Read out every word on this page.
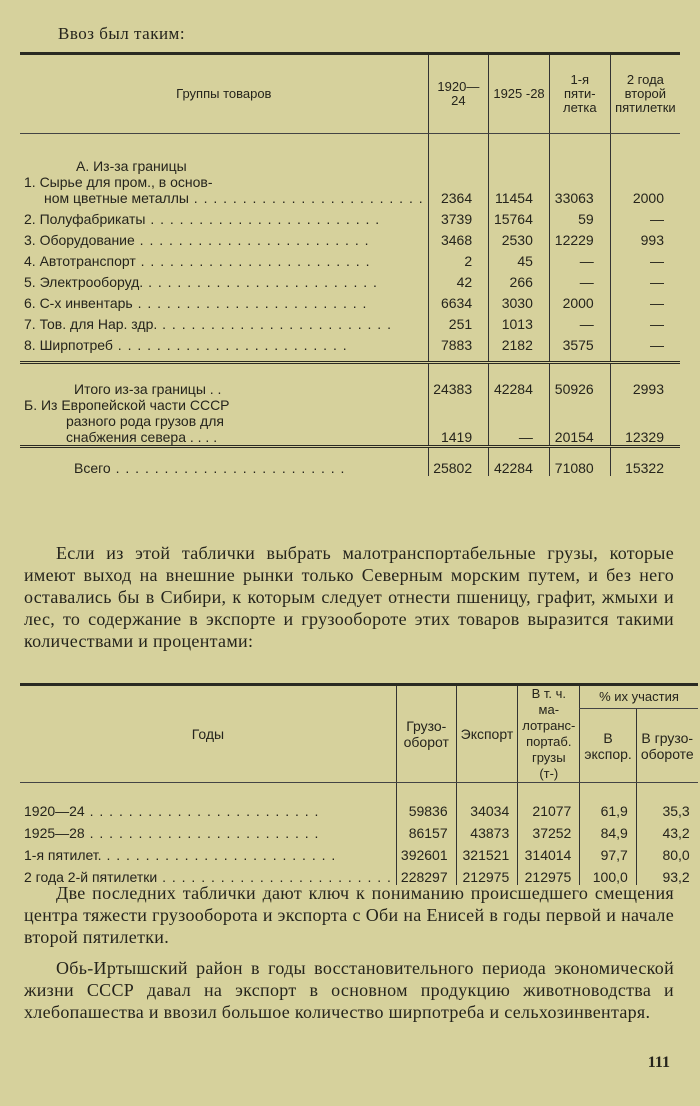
Ввоз был таким:
Группы товаров	1920—24	1925 -28	1-я пяти-летка	2 года второй пятилетки
А. Из-за границы				
1. Сырье для пром., в основ-				

ном цветные металлы . . .	2364	11454	33063	2000

2. Полуфабрикаты . . .	3739	15764	59	—

3. Оборудование . . .	3468	2530	12229	993

4. Автотранспорт . . .	2	45	—	—

5. Электрооборуд. . . .	42	266	—	—

6. С-х инвентарь . . .	6634	3030	2000	—

7. Тов. для Нар. здр. . . .	251	1013	—	—

8. Ширпотреб . . .	7883	2182	3575	—

Итого из-за границы . .	24383	42284	50926	2993

Б. Из Европейской части СССР				

разного рода грузов для				

снабжения севера . . . .	1419	—	20154	12329

Всего . . .	25802	42284	71080	15322

Если из этой таблички выбрать малотранспортабельные грузы, которые имеют выход на внешние рынки только Северным морским путем, и без него оставались бы в Сибири, к которым следует отнести пшеницу, графит, жмыхи и лес, то содержание в экспорте и грузообороте этих товаров выразится такими количествами и процентами:

Годы	Грузо-оборот	Экспорт	В т. ч. ма-лотранс-портаб. грузы (т-)	% их участия	
				В экспор.	В грузо-обороте

1920—24 . . .	59836	34034	21077	61,9	35,3

1925—28 . . .	86157	43873	37252	84,9	43,2

1-я пятилет. . . .	392601	321521	314014	97,7	80,0

2 года 2-й пятилетки . . .	228297	212975	212975	100,0	93,2

Две последних таблички дают ключ к пониманию происшедшего смещения центра тяжести грузооборота и экспорта с Оби на Енисей в годы первой и начале второй пятилетки.

Обь-Иртышский район в годы восстановительного периода экономической жизни СССР давал на экспорт в основном продукцию животноводства и хлебопашества и ввозил большое количество ширпотреба и сельхозинвентаря.

111
